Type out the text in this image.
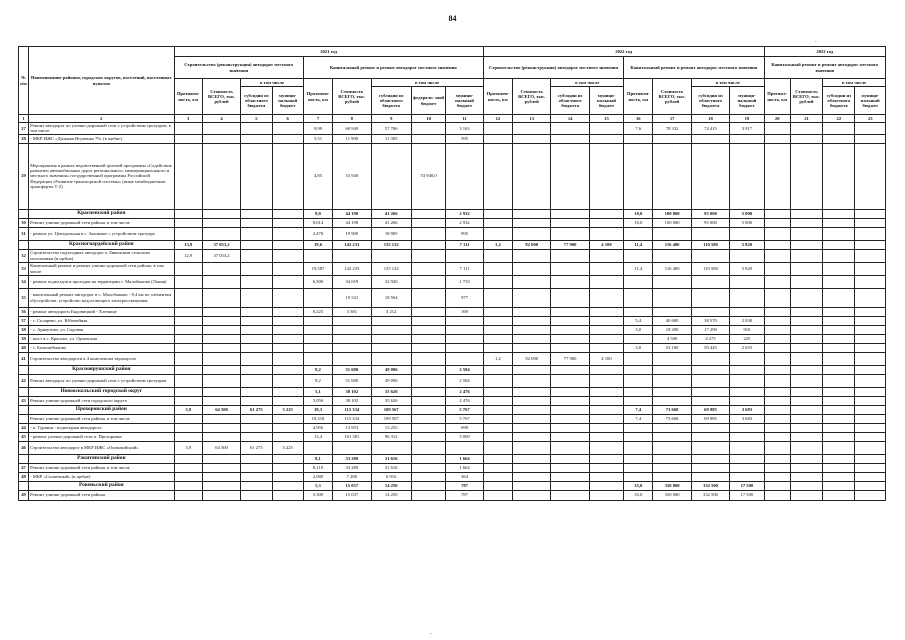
84
.
.
№ п/п	Наименование районов, городских округов, поселений, населенных пунктов	2021 год									2022 год								2023 год			
		Строительство (реконструкция) автодорог местного значения				Капитальный ремонт и ремонт автодорог местного значения					Строительство (реконструкция) автодорог местного значения				Капитальный ремонт и ремонт автодорог местного значения				Капитальный ремонт и ремонт автодорог местного значения			
		Протяжен- ность, км	Стоимость ВСЕГО, тыс. рублей	в том числе		Протяжен- ность, км	Стоимость ВСЕГО, тыс. рублей	в том числе			Протяжен- ность, км	Стоимость ВСЕГО, тыс. рублей	в том числе		Протяжен- ность, км	Стоимость ВСЕГО, тыс. рублей	в том числе		Протяже- ность, км	Стоимость ВСЕГО, тыс. рублей	в том числе	
				субсидии из областного бюджета	муници- пальный бюджет			субсидии из областного бюджета	федераль- ный бюджет	муници- пальный бюджет			субсидии из областного бюджета	муници- пальный бюджет			субсидии из областного бюджета	муници- пальный бюджет			субсидии из областного бюджета	муници- пальный бюджет
1	2	3	4	5	6	7	8	9	10	11	12	13	14	15	16	17	18	19	20	21	22	23
27	Ремонт автодорог по улично-дорожной сети с устройством тротуаров, в том числе					9,99	60 949	57 786		3 163					7,6	78 332	74 415	3 917				
28	- МКР ИЖС «Дальняя Игуменка 79» (в щебне)					5,51	11 900	11 305		595												
29	Мероприятия в рамках ведомственной целевой программы «Содействие развитию автомобильных дорог регионального, межмуниципального и местного значения» государственной программы Российской Федерации «Развитие транспортной системы» (иные межбюджетные трансферты Т-2)					4,85	53 940		53 940,0													
	Красненский район					8,0	44 198	41 266		2 932					10,0	100 000	95 000	5 000				
30	Ремонт улично-дорожной сети района, в том числе					8,014	44 198	41 266		2 932					10,0	100 000	95 000	5 000				
31	- ремонт ул. Центральная в с. Заломное с устройством тротуара					2,478	19 900	18 905		995												
	Красногвардейский район	13,9	37 053,2			19,6	142 233	135 122		7 111	1,2	82 000	77 900	4 100	11,4	116 400	110 580	5 820				
32	Строительство подъездных автодорог к Ливенским сельским поселениям (в щебне)	12,9	37 053,2																			
33	Капитальный ремонт и ремонт улично-дорожной сети района, в том числе					19,587	142 233	135 122		7 111					11,4	116 400	110 580	5 820				
34	- ремонт подъездов и проездов на территории с. Малобыково (Локня)					6,500	34 659	32 926		1 733												
35	- капитальный ремонт автодорог в с. Малобыково - 8,4 км по элементам обустройства: устройство недостающего электроосвещения						19 541	18 564		977												
36	- ремонт автодороги Ендовицкий - Хлевище					0,225	3 381	3 212		169												
37	- с. Скларево, ул. Юбилейная														5,4	40 600	38 570	2 030				
38	- с. Арнаутово, ул. Садовая														3,0	18 200	17 290	910				
39	- мост в с. Красное, ул. Орловская															4 500	4 275	225				
40	- с. Большебыково														3,0	53 100	50 445	2 655				
41	Строительство автодороги к 4 комплексам таунхаусов										1,2	82 000	77 900	4 100								
	Красноярушский район					8,2	51 680	49 096		2 584												
42	Ремонт автодорог по улично-дорожной сети с устройством тротуаров					8,2	51 680	49 096		2 584												
	Новооскольский городской округ					5,1	38 102	35 626		2 476												
43	Ремонт улично-дорожной сети городского округа					5,056	38 102	35 626		2 476												
	Прохоровский район	3,9	64 500	61 275	3 225	18,3	115 334	109 567		5 767					7,4	73 668	69 985	3 683				
	Ремонт улично-дорожной сети района, в том числе					18,318	115 334	109 567		5 767					7,4	73 668	69 985	3 683				
44	- п. Гуршин - подъездная автодорога					4,956	13 953	13 255		698												
45	- ремонт улично-дорожной сети п. Прохоровка					13,4	101 381	96 312		5 069												
46	Строительство автодорог в МКР ИЖС «Олимпийский»	3,9	64 500	61 275	3 225																	
	Ракитянский район					8,1	33 280	31 616		1 664												
47	Ремонт улично-дорожной сети района, в том числе					8,110	33 280	31 616		1 664												
48	- МКР «Солнечный» (в щебне)					2,080	7 280	6 916		364												
	Ровеньский район					5,3	15 037	14 250		787					35,0	350 000	332 500	17 500				
49	Ремонт улично-дорожной сети района					5,300	15 037	14 250		787					35,0	350 000	332 500	17 500				
